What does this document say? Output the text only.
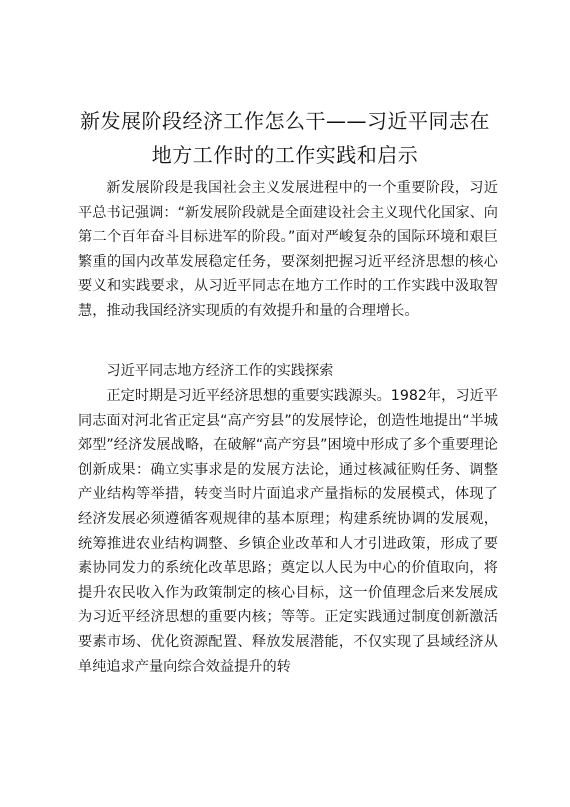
新发展阶段经济工作怎么干——习近平同志在
地方工作时的工作实践和启示

新发展阶段是我国社会主义发展进程中的一个重要阶段，习近平总书记强调：“新发展阶段就是全面建设社会主义现代化国家、向第二个百年奋斗目标进军的阶段。”面对严峻复杂的国际环境和艰巨繁重的国内改革发展稳定任务，要深刻把握习近平经济思想的核心要义和实践要求，从习近平同志在地方工作时的工作实践中汲取智慧，推动我国经济实现质的有效提升和量的合理增长。

习近平同志地方经济工作的实践探索

正定时期是习近平经济思想的重要实践源头。1982年，习近平同志面对河北省正定县“高产穷县”的发展悖论，创造性地提出“半城郊型”经济发展战略，在破解“高产穷县”困境中形成了多个重要理论创新成果：确立实事求是的发展方法论，通过核减征购任务、调整产业结构等举措，转变当时片面追求产量指标的发展模式，体现了经济发展必须遵循客观规律的基本原理；构建系统协调的发展观，统筹推进农业结构调整、乡镇企业改革和人才引进政策，形成了要素协同发力的系统化改革思路；奠定以人民为中心的价值取向，将提升农民收入作为政策制定的核心目标，这一价值理念后来发展成为习近平经济思想的重要内核；等等。正定实践通过制度创新激活要素市场、优化资源配置、释放发展潜能，不仅实现了县域经济从单纯追求产量向综合效益提升的转
